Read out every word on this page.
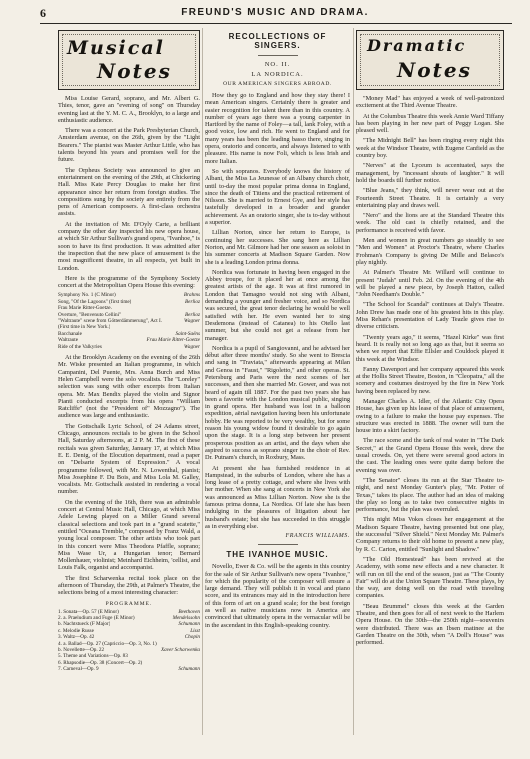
6	FREUND'S MUSIC AND DRAMA.
Musical
Notes

Miss Louise Gerard, soprano, and Mr. Albert G. Thies, tenor, gave an "evening of song" on Thursday evening last at the Y. M. C. A., Brooklyn, to a large and enthusiastic audience.

There was a concert at the Park Presbyterian Church, Amsterdam avenue, on the 26th, given by the "Light Bearers." The pianist was Master Arthur Little, who has talents beyond his years and promises well for the future.

The Orpheus Society was announced to give an entertainment on the evening of the 29th, at Chickering Hall. Miss Kate Percy Douglas to make her first appearance since her return from foreign studies. The compositions sung by the society are entirely from the pens of American composers. A first-class orchestra assists.

At the invitation of Mr. D'Oyly Carte, a brilliant company the other day inspected his new opera house, at which Sir Arthur Sullivan's grand opera, "Ivanhoe," is soon to have its first production. It was admitted after the inspection that the new place of amusement is the most magnificent theatre, in all respects, yet built in London.

Here is the programme of the Symphony Society concert at the Metropolitan Opera House this evening:

Symphony No. 1 (C Minor)	Brahms
Song, "Of the Lagoons" (first time)	Berlioz
Frau Marie Ritter-Goetze.
Overture, "Benvenuto Cellini"	Berlioz
"Waltraute" scene from Götterdämmerung", Act I.	Wagner
(First time in New York.)
Bacchanale	Saint-Saëns
Waltraute	Frau Marie Ritter-Goetze
Ride of the Valkyries	Wagner

At the Brooklyn Academy on the evening of the 26th Mr. Wiske presented an Italian programme, in which Campanini, Del Puente, Mrs. Anna Burch and Miss Helen Campbell were the solo vocalists. The "Loreley" selection was sung with other excerpts from Italian opera. Mr. Max Bendix played the violin and Signor Pianti conducted excerpts from his opera "William Ratcliffe" (not the "President of" Mozzagno"). The audience was large and enthusiastic.

The Gottschalk Lyric School, of 24 Adams street, Chicago, announces recitals to be given in the School Hall, Saturday afternoons, at 2 P. M. The first of these recitals was given Saturday, January 17, at which Miss E. E. Denig, of the Elocution department, read a paper on "Delsarte System of Expression." A vocal programme followed, with Mr. N. Lowenthal, pianist; Miss Josephine F. Du Bois, and Miss Lola M. Galley, vocalists. Mr. Gottschalk assisted in rendering a vocal number.

On the evening of the 16th, there was an admirable concert at Central Music Hall, Chicago, at which Miss Adele Lewing played on a Miller Grand several classical selections and took part in a "grand scatette," entitled "Oceana Tremble," composed by Franz Wald, a young local composer. The other artists who took part in this concert were Miss Theodora Pfaffle, soprano; Miss Wase Ur, a Hungarian tenor; Bernard Mollenhauer, violinist; Meinhard Eichheim, 'cellist, and Louis Falk, organist and accompanist.

The first Scharwenka recital took place on the afternoon of Thursday, the 29th, at Palmer's Theatre, the selections being of a most interesting character:

PROGRAMME.
1. Sonata—Op. 57 (E Minor)	Beethoven
2. a. Praeludium and Fuge (E Minor)	Mendelssohn
b. Nachtstueck (F Major)	Schumann
c. Melodie Russe	Lisst
3. Waltz—Op. 42	Chopin
4. a. Ballad—Op. 27 (Capriccio—Op. 3, No. 1)
b. Novellette—Op. 22	Xaver Scharwenka
5. Theme and Variations—Op. 83
6. Rhapsodie—Op. 38 (Concert—Op. 2)
7. Carneval—Op. 9	Schumann
RECOLLECTIONS OF SINGERS.
NO. II.
LA NORDICA.
OUR AMERICAN SINGERS ABROAD.

How they go to England and how they stay there! I mean American singers. Certainly there is greater and easier recognition for talent there than in this country. A number of years ago there was a young carpenter in Hartford by the name of Foley—a tall, lank Foley, with a good voice, low and rich. He went to England and for many years has been the leading basso there, singing in opera, oratorio and concerts, and always listened to with pleasure. His name is now Foli, which is less Irish and more Italian.

So with sopranos. Everybody knows the history of Albani, the Miss La Jeunesse of an Albany church choir, until to-day the most popular prima donna in England, since the death of Titiens and the practical retirement of Nilsson. She is married to Ernest Gye, and her style has tastefully developed in a broader and grander achievement. As an oratorio singer, she is to-day without a superior.

Lillian Norton, since her return to Europe, is continuing her successes. She sang here as Lillian Norton, and Mr. Gilmore had her one season as soloist in his summer concerts at Madison Square Garden. Now she is a leading London prima donna.

Nordica was fortunate in having been engaged in the Abbey troupe, for it placed her at once among the greatest artists of the age. It was at first rumored in London that Tamagno would not sing with Albani, demanding a younger and fresher voice, and so Nordica was secured, the great tenor declaring he would be well satisfied with her. He even wanted her to sing Desdemona (instead of Catanea) to his Otello last summer, but she could not get a release from her manager.

Nordica is a pupil of Sangiovanni, and he advised her début after three months' study. So she went to Brescia and sang in "Traviata," afterwards appearing at Milan and Genoa in "Faust," "Rigoletto," and other operas. St. Petersburg and Paris were the next scenes of her successes, and then she married Mr. Gower, and was not heard of again till 1887. For the past two years she has been a favorite with the London musical public, singing in grand opera. Her husband was lost in a balloon expedition, aërial navigation having been his unfortunate hobby. He was reported to be very wealthy, but for some reason his young widow found it desirable to go again upon the stage. It is a long step between her present prosperous position as an artist, and the days when she aspired to success as soprano singer in the choir of Rev. Dr. Putnam's church, in Roxbury, Mass.

At present she has furnished residence in at Hampstead, in the suburbs of London, where she has a long lease of a pretty cottage, and where she lives with her mother. When she sang at concerts in New York she was announced as Miss Lillian Norton. Now she is the famous prima donna, La Nordica. Of late she has been indulging in the pleasures of litigation about her husband's estate; but she has succeeded in this struggle as in everything else.

FRANCIS WILLIAMS.
THE IVANHOE MUSIC.

Novello, Ewer & Co. will be the agents in this country for the sale of Sir Arthur Sullivan's new opera "Ivanhoe," for which the popularity of the composer will ensure a large demand. They will publish it in vocal and piano score, and its entrances may aid in the introduction here of this form of art on a grand scale; for the best foreign as well as native musicians now in America are convinced that ultimately opera in the vernacular will be in the ascendant in this English-speaking country.

Dramatic
Notes

"Money Mad" has enjoyed a week of well-patronized excitement at the Third Avenue Theatre.

At the Columbus Theatre this week Annie Ward Tiffany has been playing in her new part of Peggy Logan. She pleased well.

"The Midnight Bell" has been ringing every night this week at the Windsor Theatre, with Eugene Canfield as the country boy.

"Nerves" at the Lyceum is accentuated, says the management, by "incessant shouts of laughter." It will hold the boards till further notice.

"Blue Jeans," they think, will never wear out at the Fourteenth Street Theatre. It is certainly a very entertaining play and draws well.

"Nero" and the lions are at the Standard Theatre this week. The old cast is chiefly retained, and the performance is received with favor.

Men and women in great numbers go steadily to see "Men and Women" at Proctor's Theatre, where Charles Frohman's Company is giving De Mille and Belasco's play nightly.

At Palmer's Theatre Mr. Willard will continue to present "Judah" until Feb. 2d. On the evening of the 4th will be played a new piece, by Joseph Hatton, called "John Needham's Double."

"The School for Scandal" continues at Daly's Theatre. John Drew has made one of his greatest hits in this play. Miss Rehan's presentation of Lady Teazle gives rise to diverse criticism.

"Twenty years ago," it seems, "Hazel Kirke" was first heard. It is really not so long ago as that, but it seems so when we report that Effie Ellsler and Couldock played it this week at the Windsor.

Fanny Davenport and her company appeared this week at the Hollis Street Theatre, Boston, in "Cleopatra," all the scenery and costumes destroyed by the fire in New York having been replaced by new.

Manager Charles A. Idler, of the Atlantic City Opera House, has given up his lease of that place of amusement, owing to a failure to make the house pay expenses. The structure was erected in 1888. The owner will turn the house into a skirt factory.

The race scene and the tank of real water in "The Dark Secret," at the Grand Opera House this week, drew the usual crowds. On, yet there were several good actors in the cast. The leading ones were quite damp before the evening was over.

"The Senator" closes its run at the Star Theatre to-night, and next Monday Gunter's play, "Mr. Potter of Texas," takes its place. The author had an idea of making the play so long as to take two consecutive nights in performance, but the plan was overruled.

This night Miss Vokes closes her engagement at the Madison Square Theatre, having presented but one play, the successful "Silver Shield." Next Monday Mr. Palmer's Company returns to their old home to present a new play, by R. C. Carton, entitled "Sunlight and Shadow."

"The Old Homestead" has been revived at the Academy, with some new effects and a new character. It will run on till the end of the season, just as "The County Fair" will do at the Union Square Theatre. These plays, by the way, are doing well on the road with traveling companies.

"Beau Brummel" closes this week at the Garden Theatre, and then goes for all of next week to the Harlem Opera House. On the 30th—the 250th night—souvenirs were distributed. There was an Ibsen matinee at the Garden Theatre on the 30th, when "A Doll's House" was performed.
